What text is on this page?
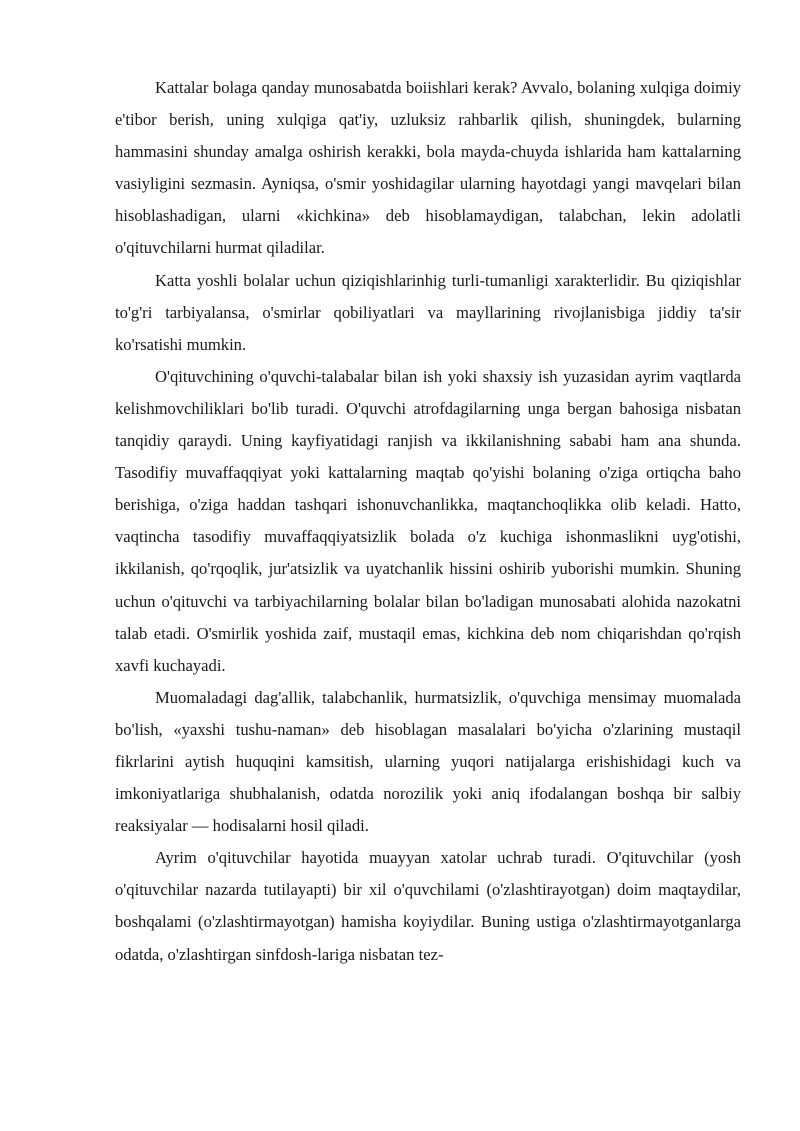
Kattalar bolaga qanday munosabatda boiishlari kerak? Avvalo, bolaning xulqiga doimiy e'tibor berish, uning xulqiga qat'iy, uzluksiz rahbarlik qilish, shuningdek, bularning hammasini shunday amalga oshirish kerakki, bola mayda-chuyda ishlarida ham kattalarning vasiyligini sezmasin. Ayniqsa, o'smir yoshidagilar ularning hayotdagi yangi mavqelari bilan hisoblashadigan, ularni «kichkina» deb hisoblamaydigan, talabchan, lekin adolatli o'qituvchilarni hurmat qiladilar.

Katta yoshli bolalar uchun qiziqishlarinhig turli-tumanligi xarakterlidir. Bu qiziqishlar to'g'ri tarbiyalansa, o'smirlar qobiliyatlari va mayllarining rivojlanisbiga jiddiy ta'sir ko'rsatishi mumkin.

O'qituvchining o'quvchi-talabalar bilan ish yoki shaxsiy ish yuzasidan ayrim vaqtlarda kelishmovchiliklari bo'lib turadi. O'quvchi atrofdagilarning unga bergan bahosiga nisbatan tanqidiy qaraydi. Uning kayfiyatidagi ranjish va ikkilanishning sababi ham ana shunda. Tasodifiy muvaffaqqiyat yoki kattalarning maqtab qo'yishi bolaning o'ziga ortiqcha baho berishiga, o'ziga haddan tashqari ishonuvchanlikka, maqtanchoqlikka olib keladi. Hatto, vaqtincha tasodifiy muvaffaqqiyatsizlik bolada o'z kuchiga ishonmaslikni uyg'otishi, ikkilanish, qo'rqoqlik, jur'atsizlik va uyatchanlik hissini oshirib yuborishi mumkin. Shuning uchun o'qituvchi va tarbiyachilarning bolalar bilan bo'ladigan munosabati alohida nazokatni talab etadi. O'smirlik yoshida zaif, mustaqil emas, kichkina deb nom chiqarishdan qo'rqish xavfi kuchayadi.

Muomaladagi dag'allik, talabchanlik, hurmatsizlik, o'quvchiga mensimay muomalada bo'lish, «yaxshi tushu-naman» deb hisoblagan masalalari bo'yicha o'zlarining mustaqil fikrlarini aytish huquqini kamsitish, ularning yuqori natijalarga erishishidagi kuch va imkoniyatlariga shubhalanish, odatda norozilik yoki aniq ifodalangan boshqa bir salbiy reaksiyalar — hodisalarni hosil qiladi.

Ayrim o'qituvchilar hayotida muayyan xatolar uchrab turadi. O'qituvchilar (yosh o'qituvchilar nazarda tutilayapti) bir xil o'quvchilami (o'zlashtirayotgan) doim maqtaydilar, boshqalami (o'zlashtirmayotgan) hamisha koyiydilar. Buning ustiga o'zlashtirmayotganlarga odatda, o'zlashtirgan sinfdosh-lariga nisbatan tez-
